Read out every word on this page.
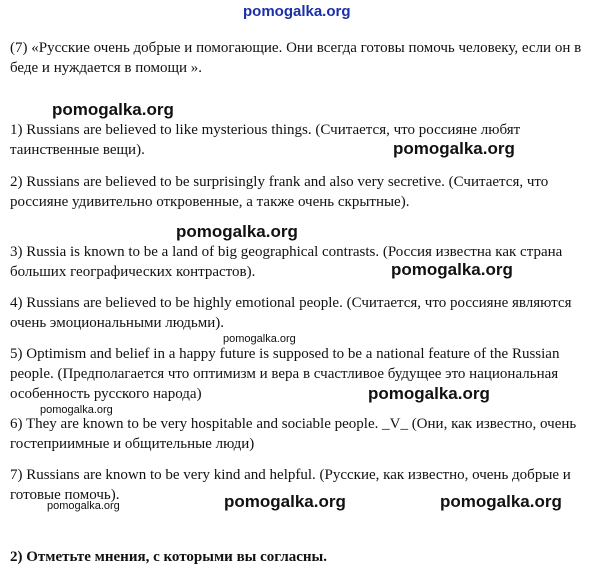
pomogalka.org
(7) «Русские очень добрые и помогающие. Они всегда готовы помочь человеку, если он в беде и нуждается в помощи ».
1) Russians are believed to like mysterious things. (Считается, что россияне любят таинственные вещи).
2) Russians are believed to be surprisingly frank and also very secretive. (Считается, что россияне удивительно откровенные, а также очень скрытные).
3) Russia is known to be a land of big geographical contrasts. (Россия известна как страна больших географических контрастов).
4) Russians are believed to be highly emotional people. (Считается, что россияне являются очень эмоциональными людьми).
5) Optimism and belief in a happy future is supposed to be a national feature of the Russian people. (Предполагается что оптимизм и вера в счастливое будущее это национальная особенность русского народа)
6) They are known to be very hospitable and sociable people. _V_ (Они, как известно, очень гостеприимные и общительные люди)
7) Russians are known to be very kind and helpful. (Русские, как известно, очень добрые и готовые помочь).
2) Отметьте мнения, с которыми вы согласны.
pomogalka.org
pomogalka.org
pomogalka.org
pomogalka.org
pomogalka.org
pomogalka.org
pomogalka.org
pomogalka.org	pomogalka.org
pomogalka.org
